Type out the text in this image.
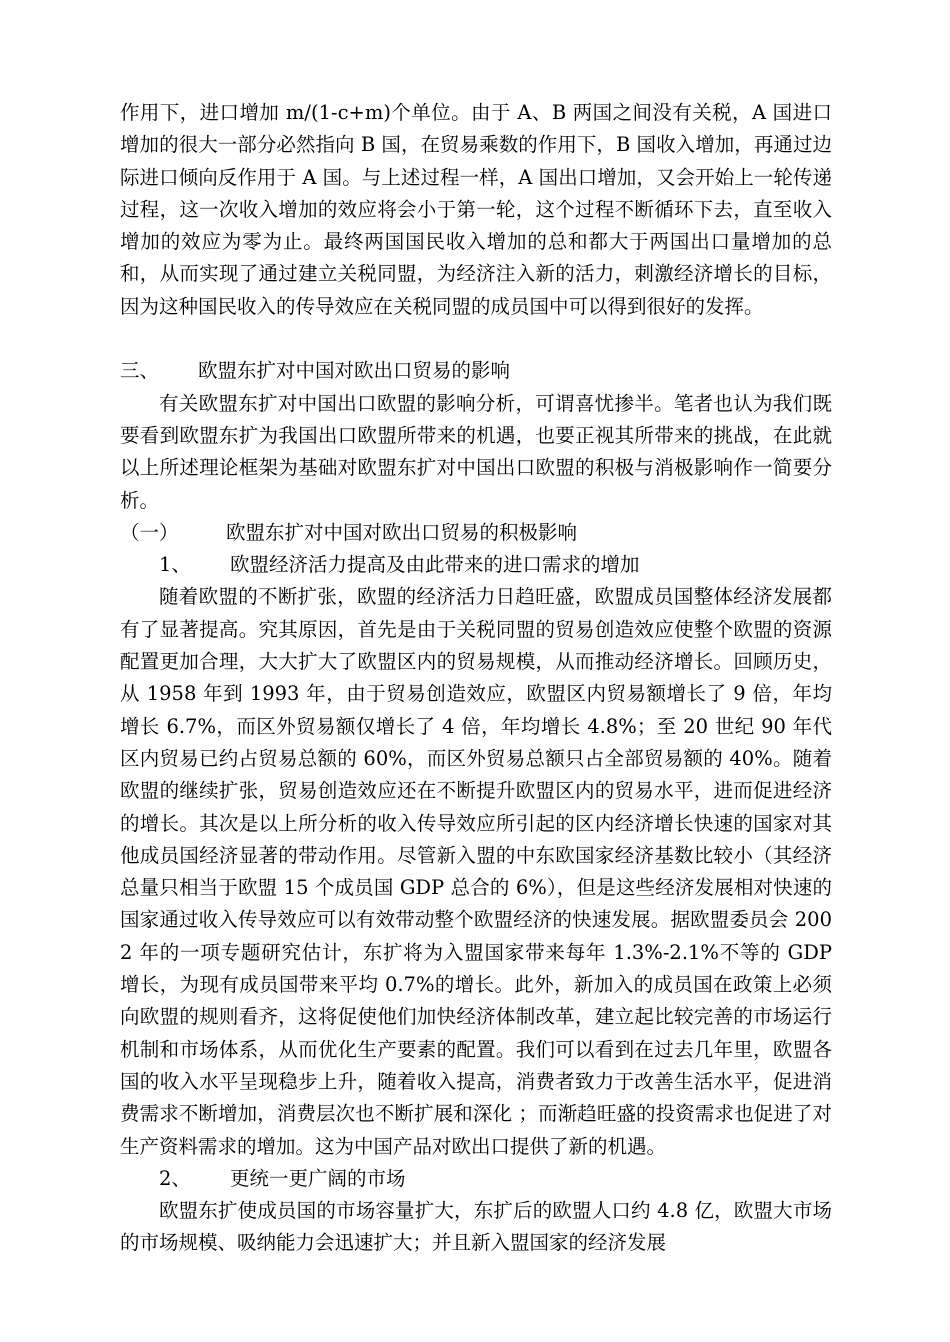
作用下，进口增加 m/(1-c+m)个单位。由于 A、B 两国之间没有关税，A 国进口增加的很大一部分必然指向 B 国，在贸易乘数的作用下，B 国收入增加，再通过边际进口倾向反作用于 A 国。与上述过程一样，A 国出口增加，又会开始上一轮传递过程，这一次收入增加的效应将会小于第一轮，这个过程不断循环下去，直至收入增加的效应为零为止。最终两国国民收入增加的总和都大于两国出口量增加的总和，从而实现了通过建立关税同盟，为经济注入新的活力，刺激经济增长的目标，因为这种国民收入的传导效应在关税同盟的成员国中可以得到很好的发挥。

三、 欧盟东扩对中国对欧出口贸易的影响

有关欧盟东扩对中国出口欧盟的影响分析，可谓喜忧掺半。笔者也认为我们既要看到欧盟东扩为我国出口欧盟所带来的机遇，也要正视其所带来的挑战，在此就以上所述理论框架为基础对欧盟东扩对中国出口欧盟的积极与消极影响作一简要分析。

（一） 欧盟东扩对中国对欧出口贸易的积极影响

1、 欧盟经济活力提高及由此带来的进口需求的增加

随着欧盟的不断扩张，欧盟的经济活力日趋旺盛，欧盟成员国整体经济发展都有了显著提高。究其原因，首先是由于关税同盟的贸易创造效应使整个欧盟的资源配置更加合理，大大扩大了欧盟区内的贸易规模，从而推动经济增长。回顾历史，从 1958 年到 1993 年，由于贸易创造效应，欧盟区内贸易额增长了 9 倍，年均增长 6.7%，而区外贸易额仅增长了 4 倍，年均增长 4.8%；至 20 世纪 90 年代区内贸易已约占贸易总额的 60%，而区外贸易总额只占全部贸易额的 40%。随着欧盟的继续扩张，贸易创造效应还在不断提升欧盟区内的贸易水平，进而促进经济的增长。其次是以上所分析的收入传导效应所引起的区内经济增长快速的国家对其他成员国经济显著的带动作用。尽管新入盟的中东欧国家经济基数比较小（其经济总量只相当于欧盟 15 个成员国 GDP 总合的 6%），但是这些经济发展相对快速的国家通过收入传导效应可以有效带动整个欧盟经济的快速发展。据欧盟委员会 2002 年的一项专题研究估计，东扩将为入盟国家带来每年 1.3%-2.1%不等的 GDP 增长，为现有成员国带来平均 0.7%的增长。此外，新加入的成员国在政策上必须向欧盟的规则看齐，这将促使他们加快经济体制改革，建立起比较完善的市场运行机制和市场体系，从而优化生产要素的配置。我们可以看到在过去几年里，欧盟各国的收入水平呈现稳步上升，随着收入提高，消费者致力于改善生活水平，促进消费需求不断增加，消费层次也不断扩展和深化 ；而渐趋旺盛的投资需求也促进了对生产资料需求的增加。这为中国产品对欧出口提供了新的机遇。

2、 更统一更广阔的市场

欧盟东扩使成员国的市场容量扩大，东扩后的欧盟人口约 4.8 亿，欧盟大市场的市场规模、吸纳能力会迅速扩大；并且新入盟国家的经济发展
